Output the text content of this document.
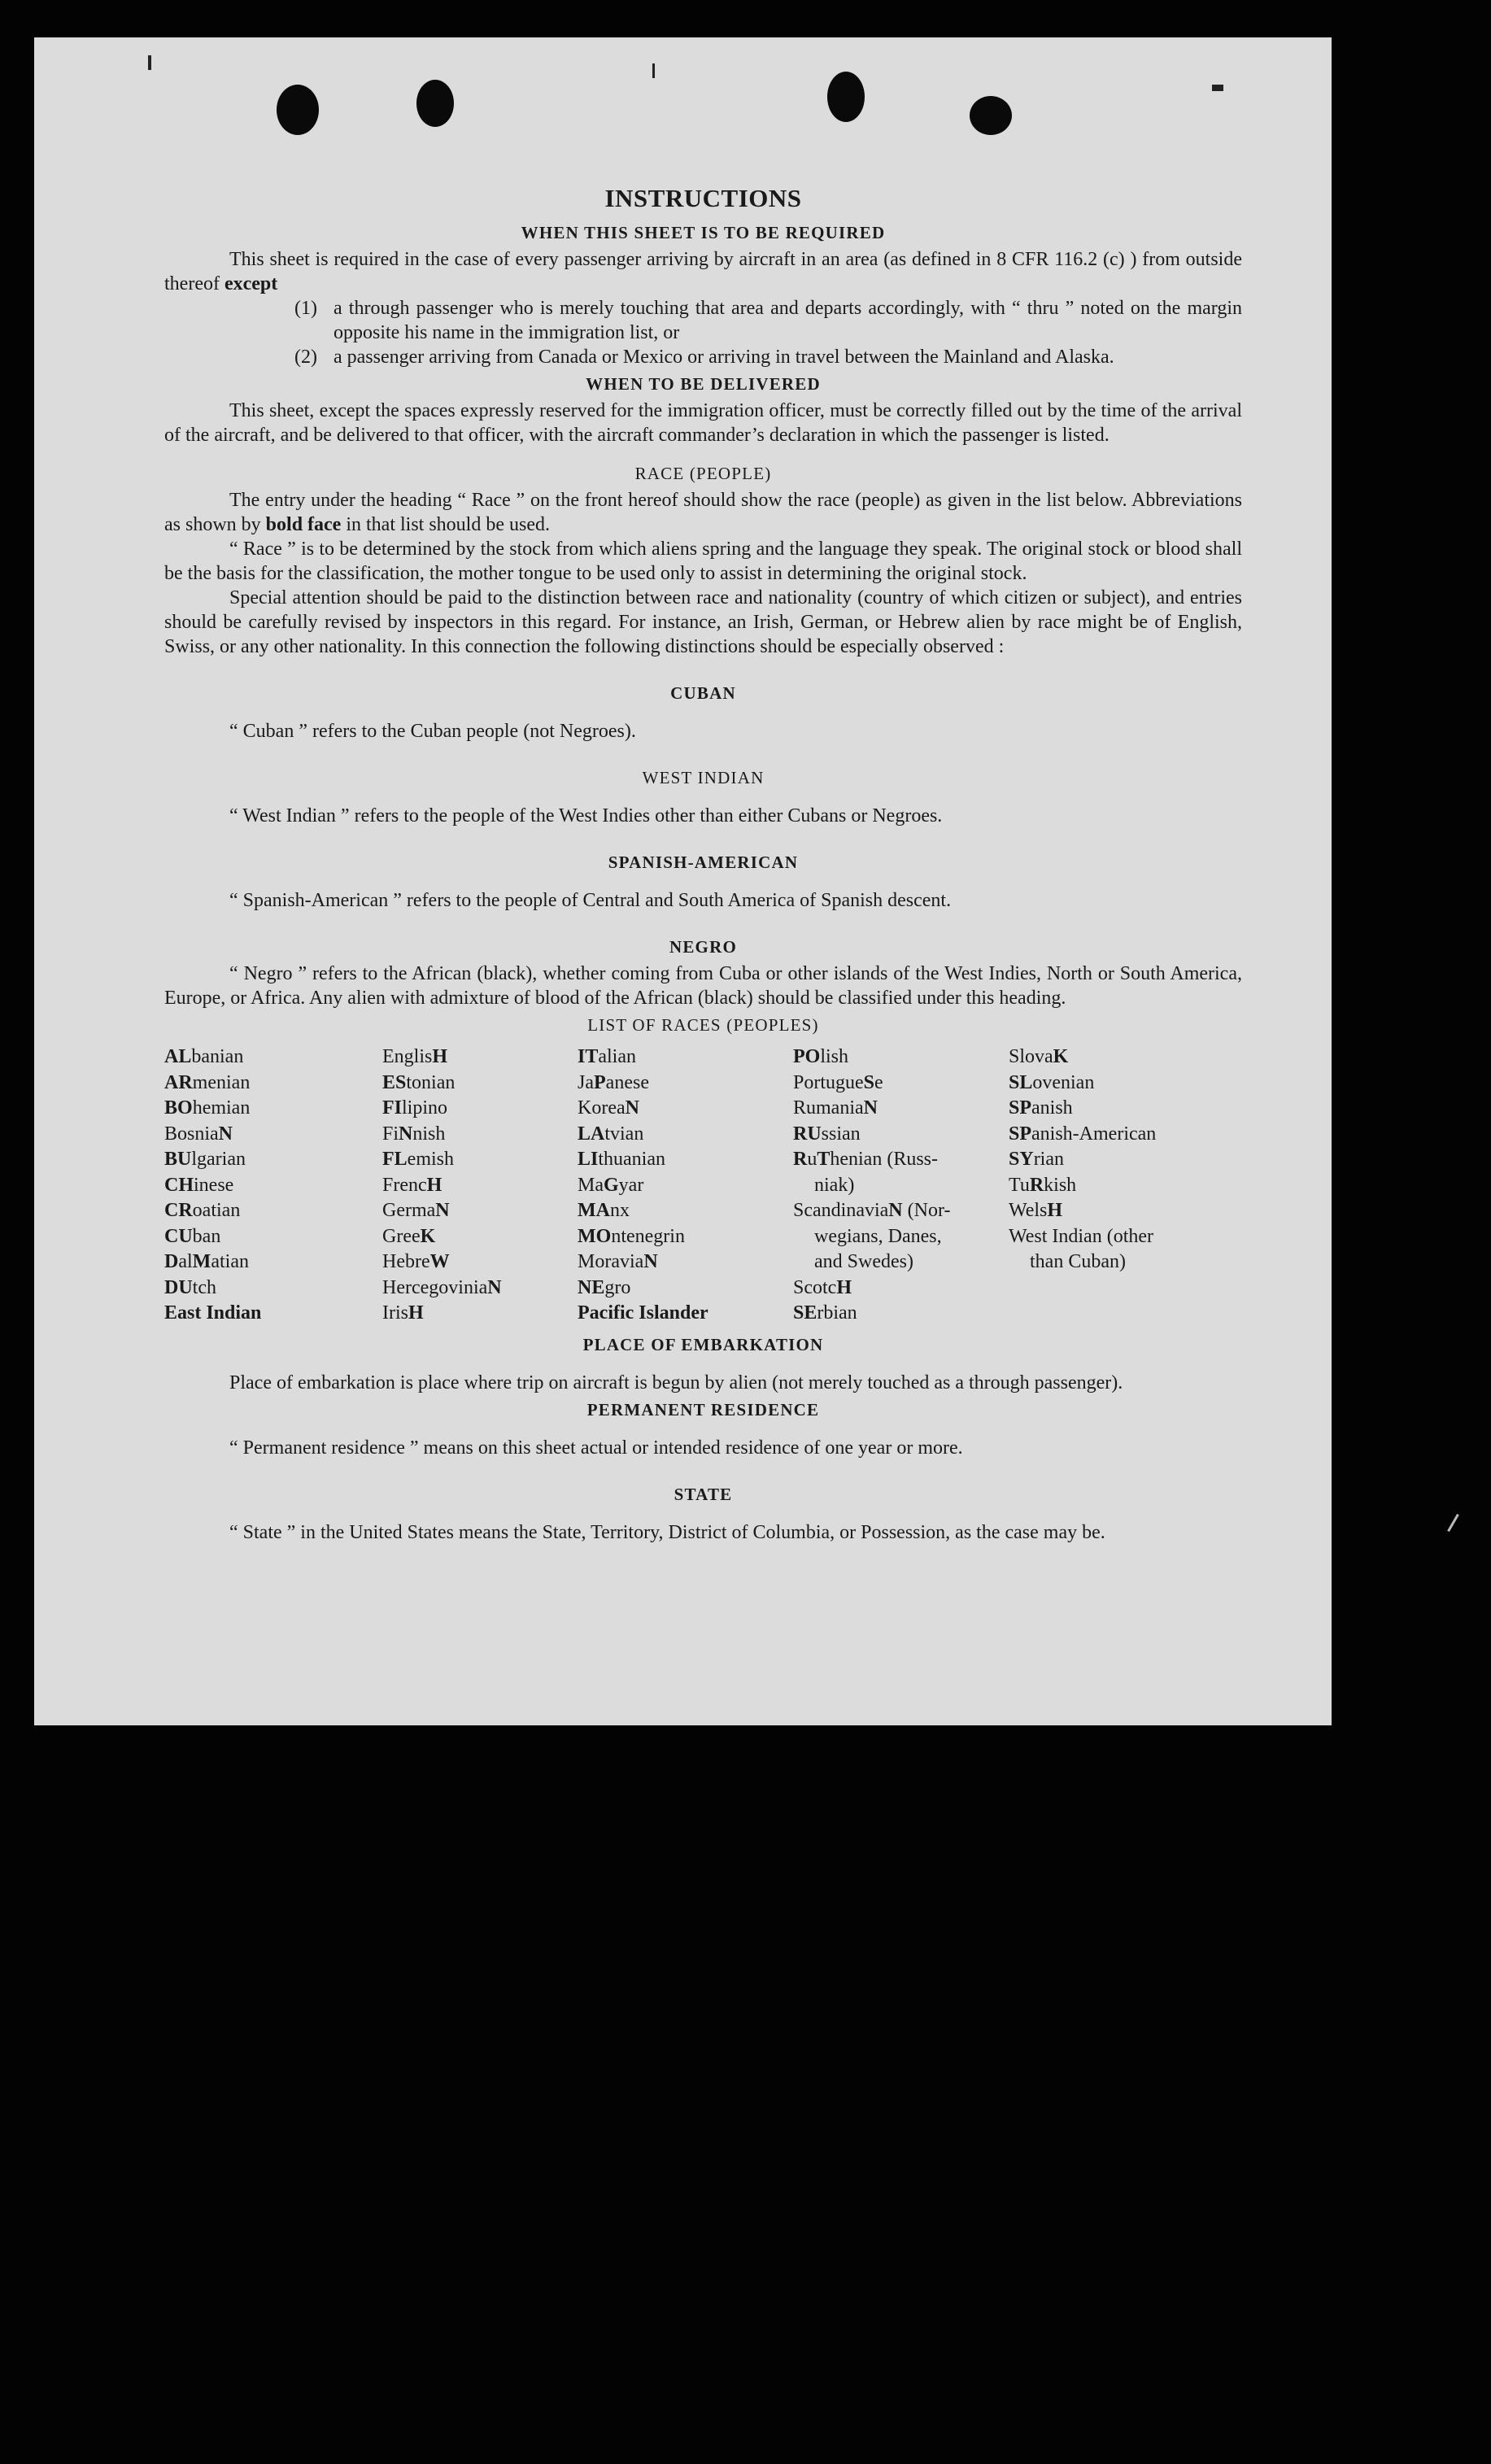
INSTRUCTIONS
WHEN THIS SHEET IS TO BE REQUIRED

This sheet is required in the case of every passenger arriving by aircraft in an area (as defined in 8 CFR 116.2 (c) ) from outside thereof except

(1) a through passenger who is merely touching that area and departs accordingly, with “ thru ” noted on the margin opposite his name in the immigration list, or
(2) a passenger arriving from Canada or Mexico or arriving in travel between the Mainland and Alaska.
WHEN TO BE DELIVERED

This sheet, except the spaces expressly reserved for the immigration officer, must be correctly filled out by the time of the arrival of the aircraft, and be delivered to that officer, with the aircraft commander’s declaration in which the passenger is listed.

RACE (PEOPLE)

The entry under the heading “ Race ” on the front hereof should show the race (people) as given in the list below. Abbreviations as shown by bold face in that list should be used.

“ Race ” is to be determined by the stock from which aliens spring and the language they speak. The original stock or blood shall be the basis for the classification, the mother tongue to be used only to assist in determining the original stock.

Special attention should be paid to the distinction between race and nationality (country of which citizen or subject), and entries should be carefully revised by inspectors in this regard. For instance, an Irish, German, or Hebrew alien by race might be of English, Swiss, or any other nationality. In this connection the following distinctions should be especially observed :

CUBAN

“ Cuban ” refers to the Cuban people (not Negroes).

WEST INDIAN

“ West Indian ” refers to the people of the West Indies other than either Cubans or Negroes.

SPANISH-AMERICAN

“ Spanish-American ” refers to the people of Central and South America of Spanish descent.

NEGRO

“ Negro ” refers to the African (black), whether coming from Cuba or other islands of the West Indies, North or South America, Europe, or Africa. Any alien with admixture of blood of the African (black) should be classified under this heading.

LIST OF RACES (PEOPLES)
ALbanian
ARmenian
BOhemian
BosniaN
BUlgarian
CHinese
CRoatian
CUban
DalMatian
DUtch
East Indian
EnglisH
EStonian
FIlipino
FiNnish
FLemish
FrencH
GermaN
GreeK
HebreW
HercegoviniaN
IrisH
ITalian
JaPanese
KoreaN
LAtvian
LIthuanian
MaGyar
MAnx
MOntenegrin
MoraviaN
NEgro
Pacific Islander
POlish
PortugueSe
RumaniaN
RUssian
RuThenian (Russ-
niak)
ScandinaviaN (Nor-
wegians, Danes,
and Swedes)
ScotcH
SErbian
SlovaK
SLovenian
SPanish
SPanish-American
SYrian
TuRkish
WelsH
West Indian (other
than Cuban)
PLACE OF EMBARKATION

Place of embarkation is place where trip on aircraft is begun by alien (not merely touched as a through passenger).

PERMANENT RESIDENCE

“ Permanent residence ” means on this sheet actual or intended residence of one year or more.

STATE

“ State ” in the United States means the State, Territory, District of Columbia, or Possession, as the case may be.
